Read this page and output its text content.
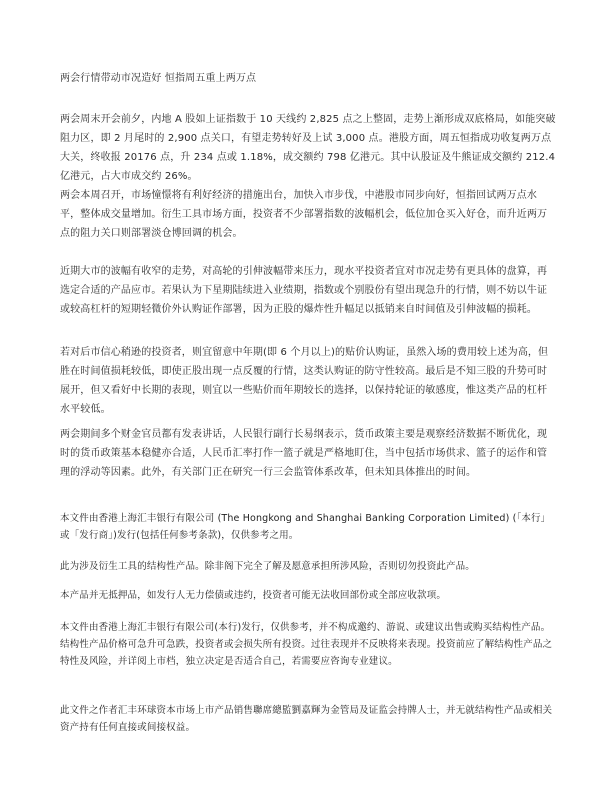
两会行情带动市况造好 恒指周五重上两万点

两会周末开会前夕，内地 A 股如上证指数于 10 天线约 2,825 点之上整固，走势上渐形成双底格局，如能突破阻力区，即 2 月尾时的 2,900 点关口，有望走势转好及上试 3,000 点。港股方面，周五恒指成功收复两万点大关，终收报 20176 点，升 234 点或 1.18%，成交额约 798 亿港元。其中认股证及牛熊证成交额约 212.4 亿港元，占大市成交约 26%。

两会本周召开，市场憧憬将有利好经济的措施出台，加快入市步伐，中港股市同步向好，恒指回试两万点水平，整体成交量增加。衍生工具市场方面，投资者不少部署指数的波幅机会，低位加仓买入好仓，而升近两万点的阻力关口则部署淡仓博回调的机会。

近期大市的波幅有收窄的走势，对高轮的引伸波幅带来压力，现水平投资者宜对市况走势有更具体的盘算，再选定合适的产品应市。若果认为下星期陆续进入业绩期，指数或个别股份有望出现急升的行情，则不妨以牛证或较高杠杆的短期轻微价外认购证作部署，因为正股的爆炸性升幅足以抵销来自时间值及引伸波幅的损耗。

若对后市信心稍逊的投资者，则宜留意中年期(即 6 个月以上)的贴价认购证，虽然入场的费用较上述为高，但胜在时间值损耗较低，即使正股出现一点反覆的行情，这类认购证的防守性较高。最后是不知三股的升势可时展开，但又看好中长期的表现，则宜以一些贴价而年期较长的选择，以保持轮证的敏感度，惟这类产品的杠杆水平较低。

两会期间多个财金官员都有发表讲话，人民银行副行长易纲表示，货币政策主要是观察经济数据不断优化，现时的货币政策基本稳健亦合适，人民币汇率打作一篮子就是严格地盯住，当中包括市场供求、篮子的运作和管理的浮动等因素。此外，有关部门正在研究一行三会监管体系改革，但未知具体推出的时间。

本文件由香港上海汇丰银行有限公司 (The Hongkong and Shanghai Banking Corporation Limited) (「本行」或「发行商」)发行(包括任何参考条款)，仅供参考之用。

此为涉及衍生工具的结构性产品。除非阁下完全了解及愿意承担所涉风险，否则切勿投资此产品。

本产品并无抵押品，如发行人无力偿债或违约，投资者可能无法收回部份或全部应收款项。

本文件由香港上海汇丰银行有限公司(本行)发行，仅供参考，并不构成邀约、游说、或建议出售或购买结构性产品。结构性产品价格可急升可急跌，投资者或会损失所有投资。过往表现并不反映将来表现。投资前应了解结构性产品之特性及风险，并详阅上市档，独立决定是否适合自己，若需要应咨询专业建议。

此文件之作者汇丰环球资本市场上市产品销售聯席總監劉嘉輝为金管局及证监会持牌人士，并无就结构性产品或相关资产持有任何直接或间接权益。
